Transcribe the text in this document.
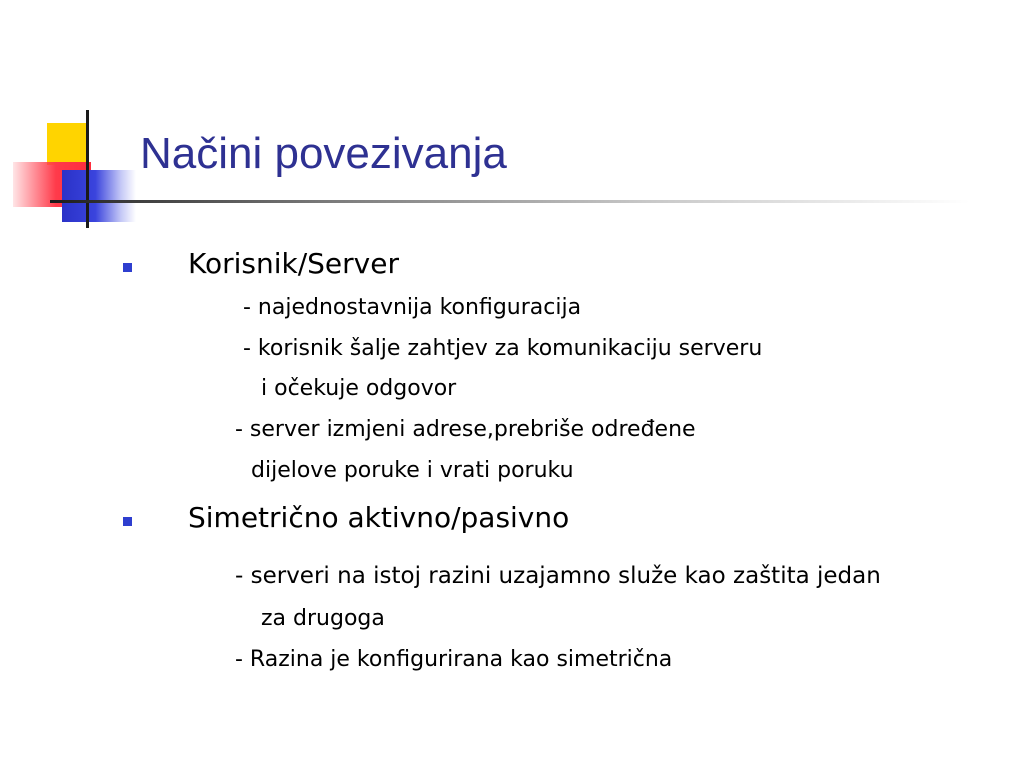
Načini povezivanja
Korisnik/Server
- najednostavnija konfiguracija
- korisnik šalje zahtjev za komunikaciju serveru
i očekuje odgovor
- server izmjeni adrese,prebriše određene
dijelove poruke i vrati poruku
Simetrično aktivno/pasivno
- serveri na istoj razini uzajamno služe kao zaštita jedan
za drugoga
- Razina je konfigurirana kao simetrična
